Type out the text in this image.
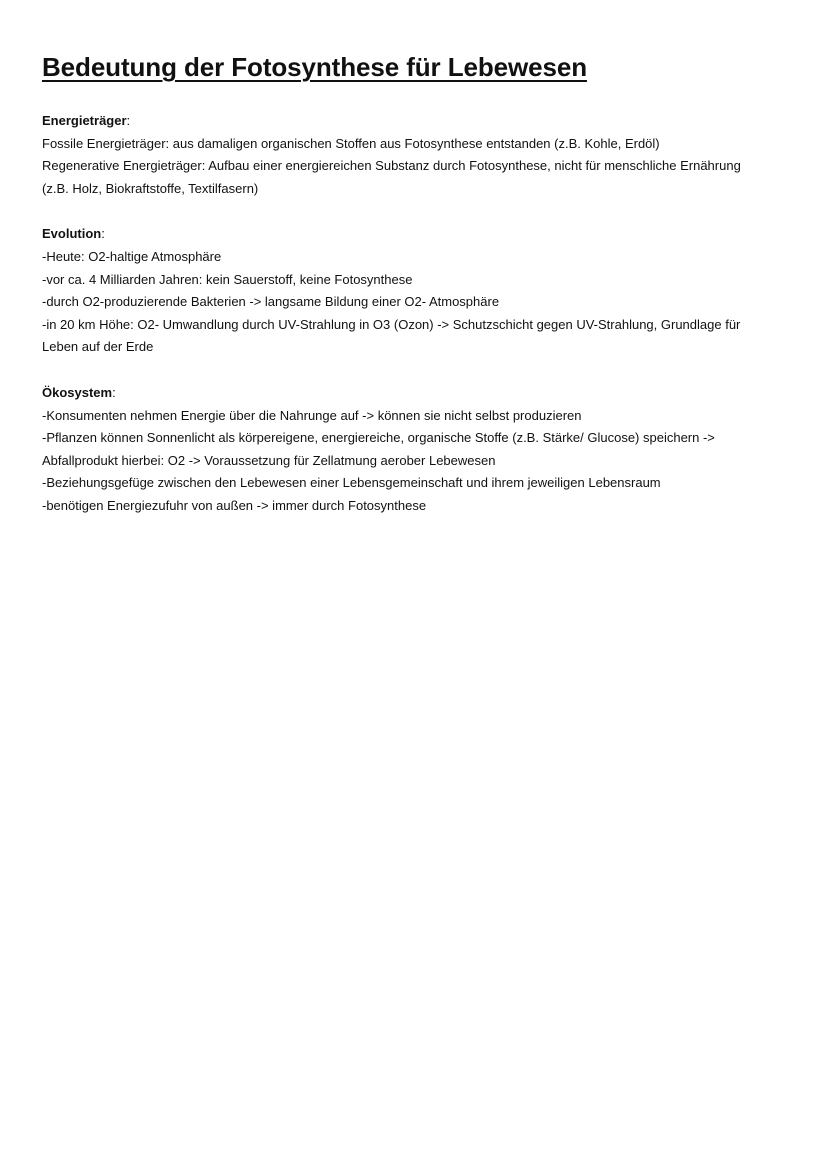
Bedeutung der Fotosynthese für Lebewesen
Energieträger:
Fossile Energieträger: aus damaligen organischen Stoffen aus Fotosynthese entstanden (z.B. Kohle, Erdöl)
Regenerative Energieträger: Aufbau einer energiereichen Substanz durch Fotosynthese, nicht für menschliche Ernährung
(z.B. Holz, Biokraftstoffe, Textilfasern)
Evolution:
-Heute: O2-haltige Atmosphäre
-vor ca. 4 Milliarden Jahren: kein Sauerstoff, keine Fotosynthese
-durch O2-produzierende Bakterien -> langsame Bildung einer O2- Atmosphäre
-in 20 km Höhe: O2- Umwandlung durch UV-Strahlung in O3 (Ozon) -> Schutzschicht gegen UV-Strahlung, Grundlage für
Leben auf der Erde
Ökosystem:
-Konsumenten nehmen Energie über die Nahrunge auf -> können sie nicht selbst produzieren
-Pflanzen können Sonnenlicht als körpereigene, energiereiche, organische Stoffe (z.B. Stärke/ Glucose) speichern ->
Abfallprodukt hierbei: O2 -> Voraussetzung für Zellatmung aerober Lebewesen
-Beziehungsgefüge zwischen den Lebewesen einer Lebensgemeinschaft und ihrem jeweiligen Lebensraum
-benötigen Energiezufuhr von außen -> immer durch Fotosynthese
